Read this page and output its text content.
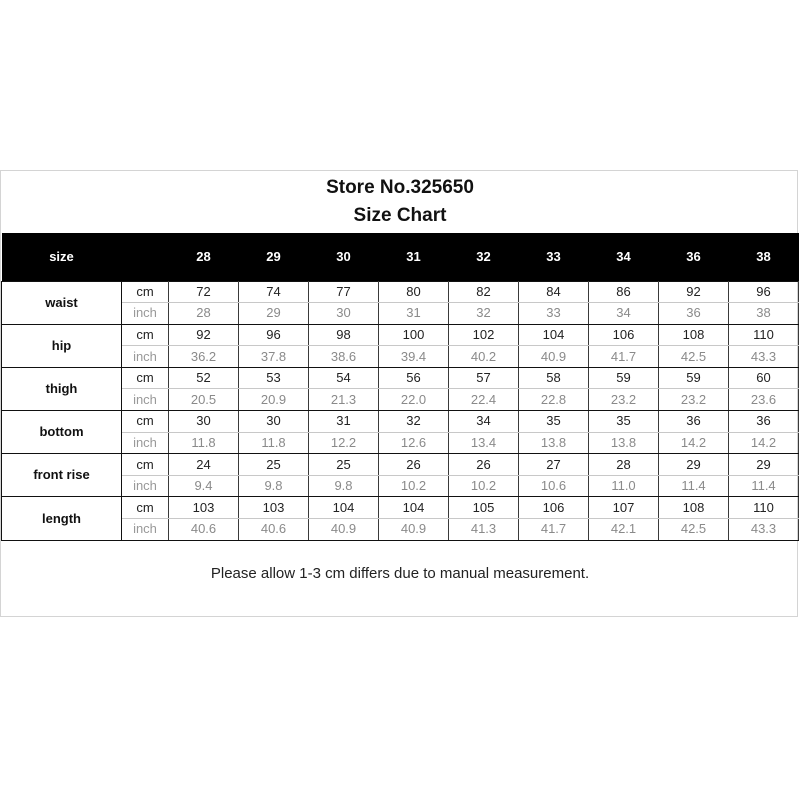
Store No.325650
Size Chart
size		28	29	30	31	32	33	34	36	38
waist	cm	72	74	77	80	82	84	86	92	96
	inch	28	29	30	31	32	33	34	36	38
hip	cm	92	96	98	100	102	104	106	108	110
	inch	36.2	37.8	38.6	39.4	40.2	40.9	41.7	42.5	43.3
thigh	cm	52	53	54	56	57	58	59	59	60
	inch	20.5	20.9	21.3	22.0	22.4	22.8	23.2	23.2	23.6
bottom	cm	30	30	31	32	34	35	35	36	36
	inch	11.8	11.8	12.2	12.6	13.4	13.8	13.8	14.2	14.2
front rise	cm	24	25	25	26	26	27	28	29	29
	inch	9.4	9.8	9.8	10.2	10.2	10.6	11.0	11.4	11.4
length	cm	103	103	104	104	105	106	107	108	110
	inch	40.6	40.6	40.9	40.9	41.3	41.7	42.1	42.5	43.3
Please allow 1-3 cm differs due to manual measurement.
